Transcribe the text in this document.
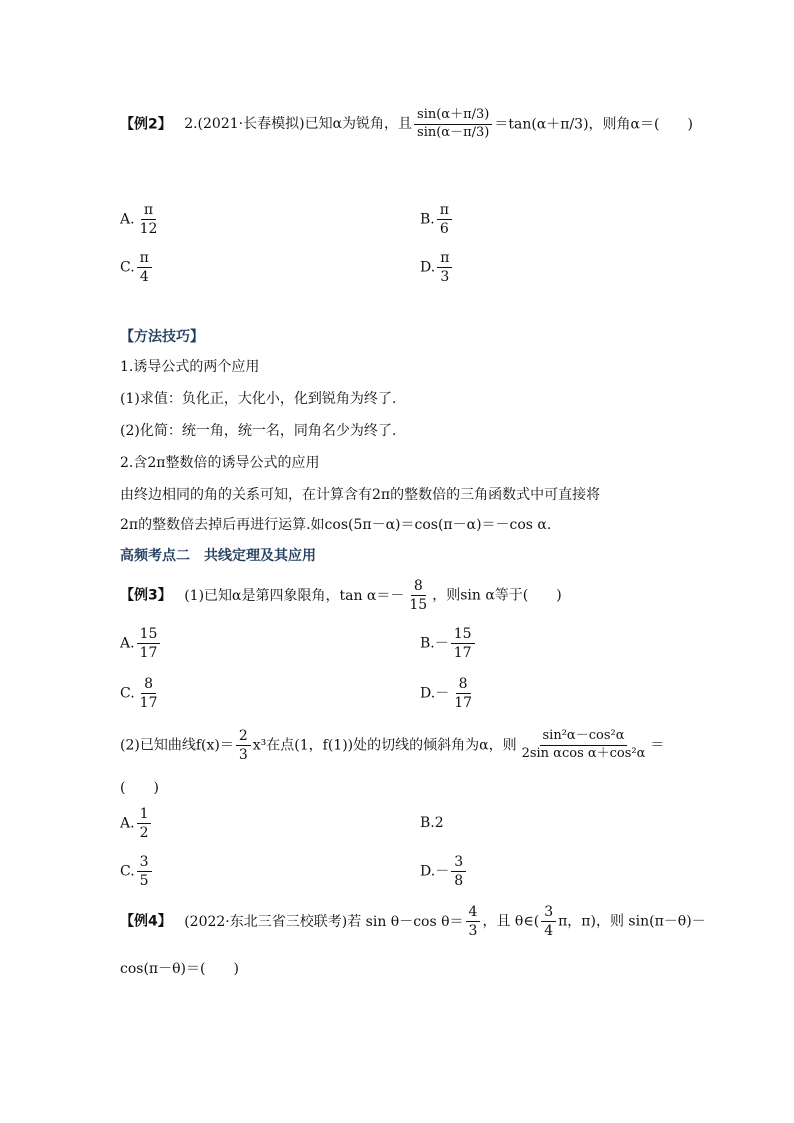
【例2】 2.(2021·长春模拟)已知α为锐角，且 $\frac{\sin(\alpha+\pi/3)}{\sin(\alpha-\pi/3)} =\tan(\alpha+\pi/3)$，则角α＝(　　)
A. $\frac{\pi}{12}$	B. $\frac{\pi}{6}$
C. $\frac{\pi}{4}$	D. $\frac{\pi}{3}$
【方法技巧】
1.诱导公式的两个应用
(1)求值：负化正，大化小，化到锐角为终了.
(2)化简：统一角，统一名，同角名少为终了.
2.含2π整数倍的诱导公式的应用
由终边相同的角的关系可知，在计算含有2π的整数倍的三角函数式中可直接将
2π的整数倍去掉后再进行运算.如cos(5π－α)＝cos(π－α)＝－cos α.
高频考点二　共线定理及其应用
【例3】 (1)已知α是第四象限角，$\tan \alpha=- \frac{8}{15}$ ，则sin α等于(　　)
A. $\frac{15}{17}$	$B.- \frac{15}{17}$
C. $\frac{8}{17}$	$D.- \frac{8}{17}$
(2)已知曲线$f(x)= \frac{2}{3} x^3$在点(1，f(1))处的切线的倾斜角为α，则 $\frac{\text{sin²α－cos²α}}{\text{2sin αcos α＋cos²α}}$ ＝
(　　)
A. $\frac{1}{2}$	B.2
C. $\frac{3}{5}$	$D.- \frac{3}{8}$
【例4】 (2022·东北三省三校联考)若 sin θ－cos $\theta= \frac{4}{3}$ ，且 θ∈( $\frac{3}{4}$ π，π)，则 sin(π－θ)－
cos(π－θ)＝(　　)
